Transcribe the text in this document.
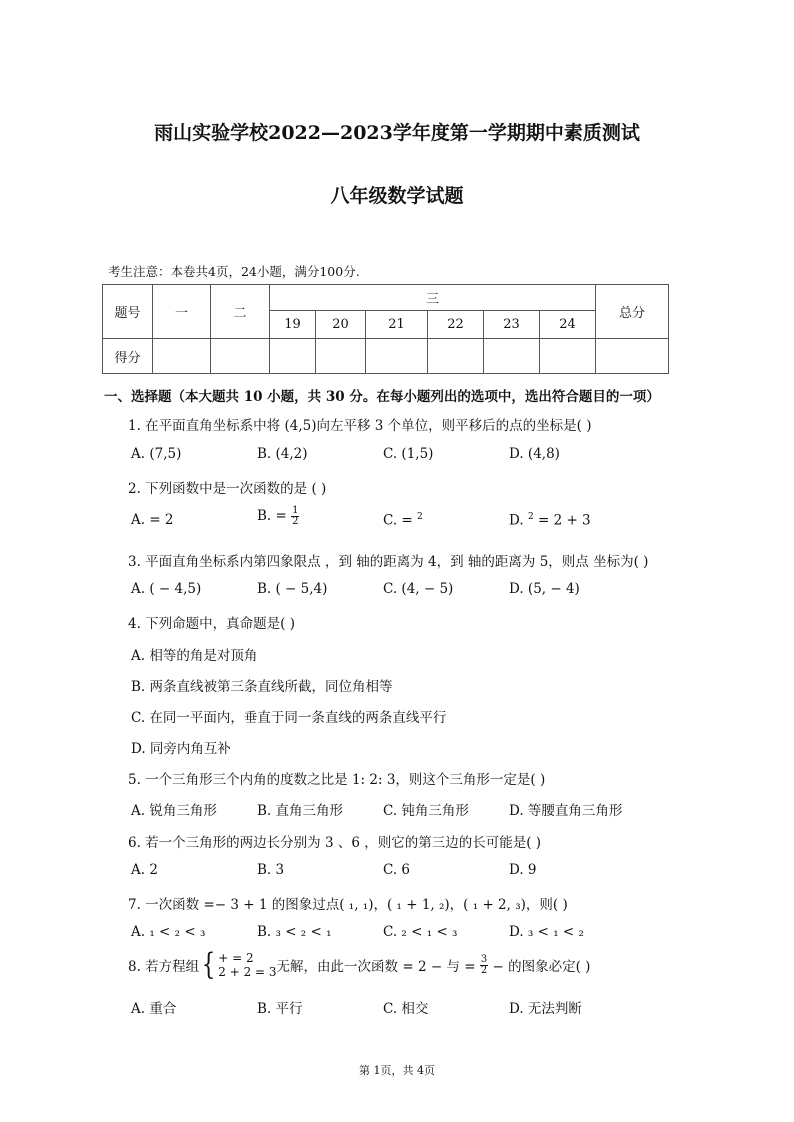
雨山实验学校2022—2023学年度第一学期期中素质测试
八年级数学试题
考生注意：本卷共4页，24小题，满分100分.
题号	一	二	三						总分
			19	20	21	22	23	24	
得分									
一、选择题（本大题共 10 小题，共 30 分。在每小题列出的选项中，选出符合题目的一项）
1. 在平面直角坐标系中将 (4,5)向左平移 3 个单位，则平移后的点的坐标是( )
A. (7,5)	B. (4,2)	C. (1,5)	D. (4,8)
2. 下列函数中是一次函数的是 ( )
A. = 2	B. = $\frac{1}{2}$	C. = $^2$	D. $^2$ = 2 + 3
3. 平面直角坐标系内第四象限点 ，到 轴的距离为 4，到 轴的距离为 5，则点 坐标为( )
A. ( − 4,5)	B. ( − 5,4)	C. (4, − 5)	D. (5, − 4)
4. 下列命题中，真命题是( )
A. 相等的角是对顶角
B. 两条直线被第三条直线所截，同位角相等
C. 在同一平面内，垂直于同一条直线的两条直线平行
D. 同旁内角互补
5. 一个三角形三个内角的度数之比是 1: 2: 3，则这个三角形一定是( )
A. 锐角三角形	B. 直角三角形	C. 钝角三角形	D. 等腰直角三角形
6. 若一个三角形的两边长分别为 3 、6 ，则它的第三边的长可能是( )
A. 2	B. 3	C. 6	D. 9
7. 一次函数 =− 3 + 1 的图象过点( ₁, ₁)，( ₁ + 1, ₂)，( ₁ + 2, ₃)，则( )
A. ₁ < ₂ < ₃	B. ₃ < ₂ < ₁	C. ₂ < ₁ < ₃	D. ₃ < ₁ < ₂
8. 若方程组{ + = 2
2 + 2 = 3 无解，由此一次函数 = 2 − 与 = $\frac{3}{2}$ − 的图象必定( )
A. 重合	B. 平行	C. 相交	D. 无法判断
第 1页，共 4页
